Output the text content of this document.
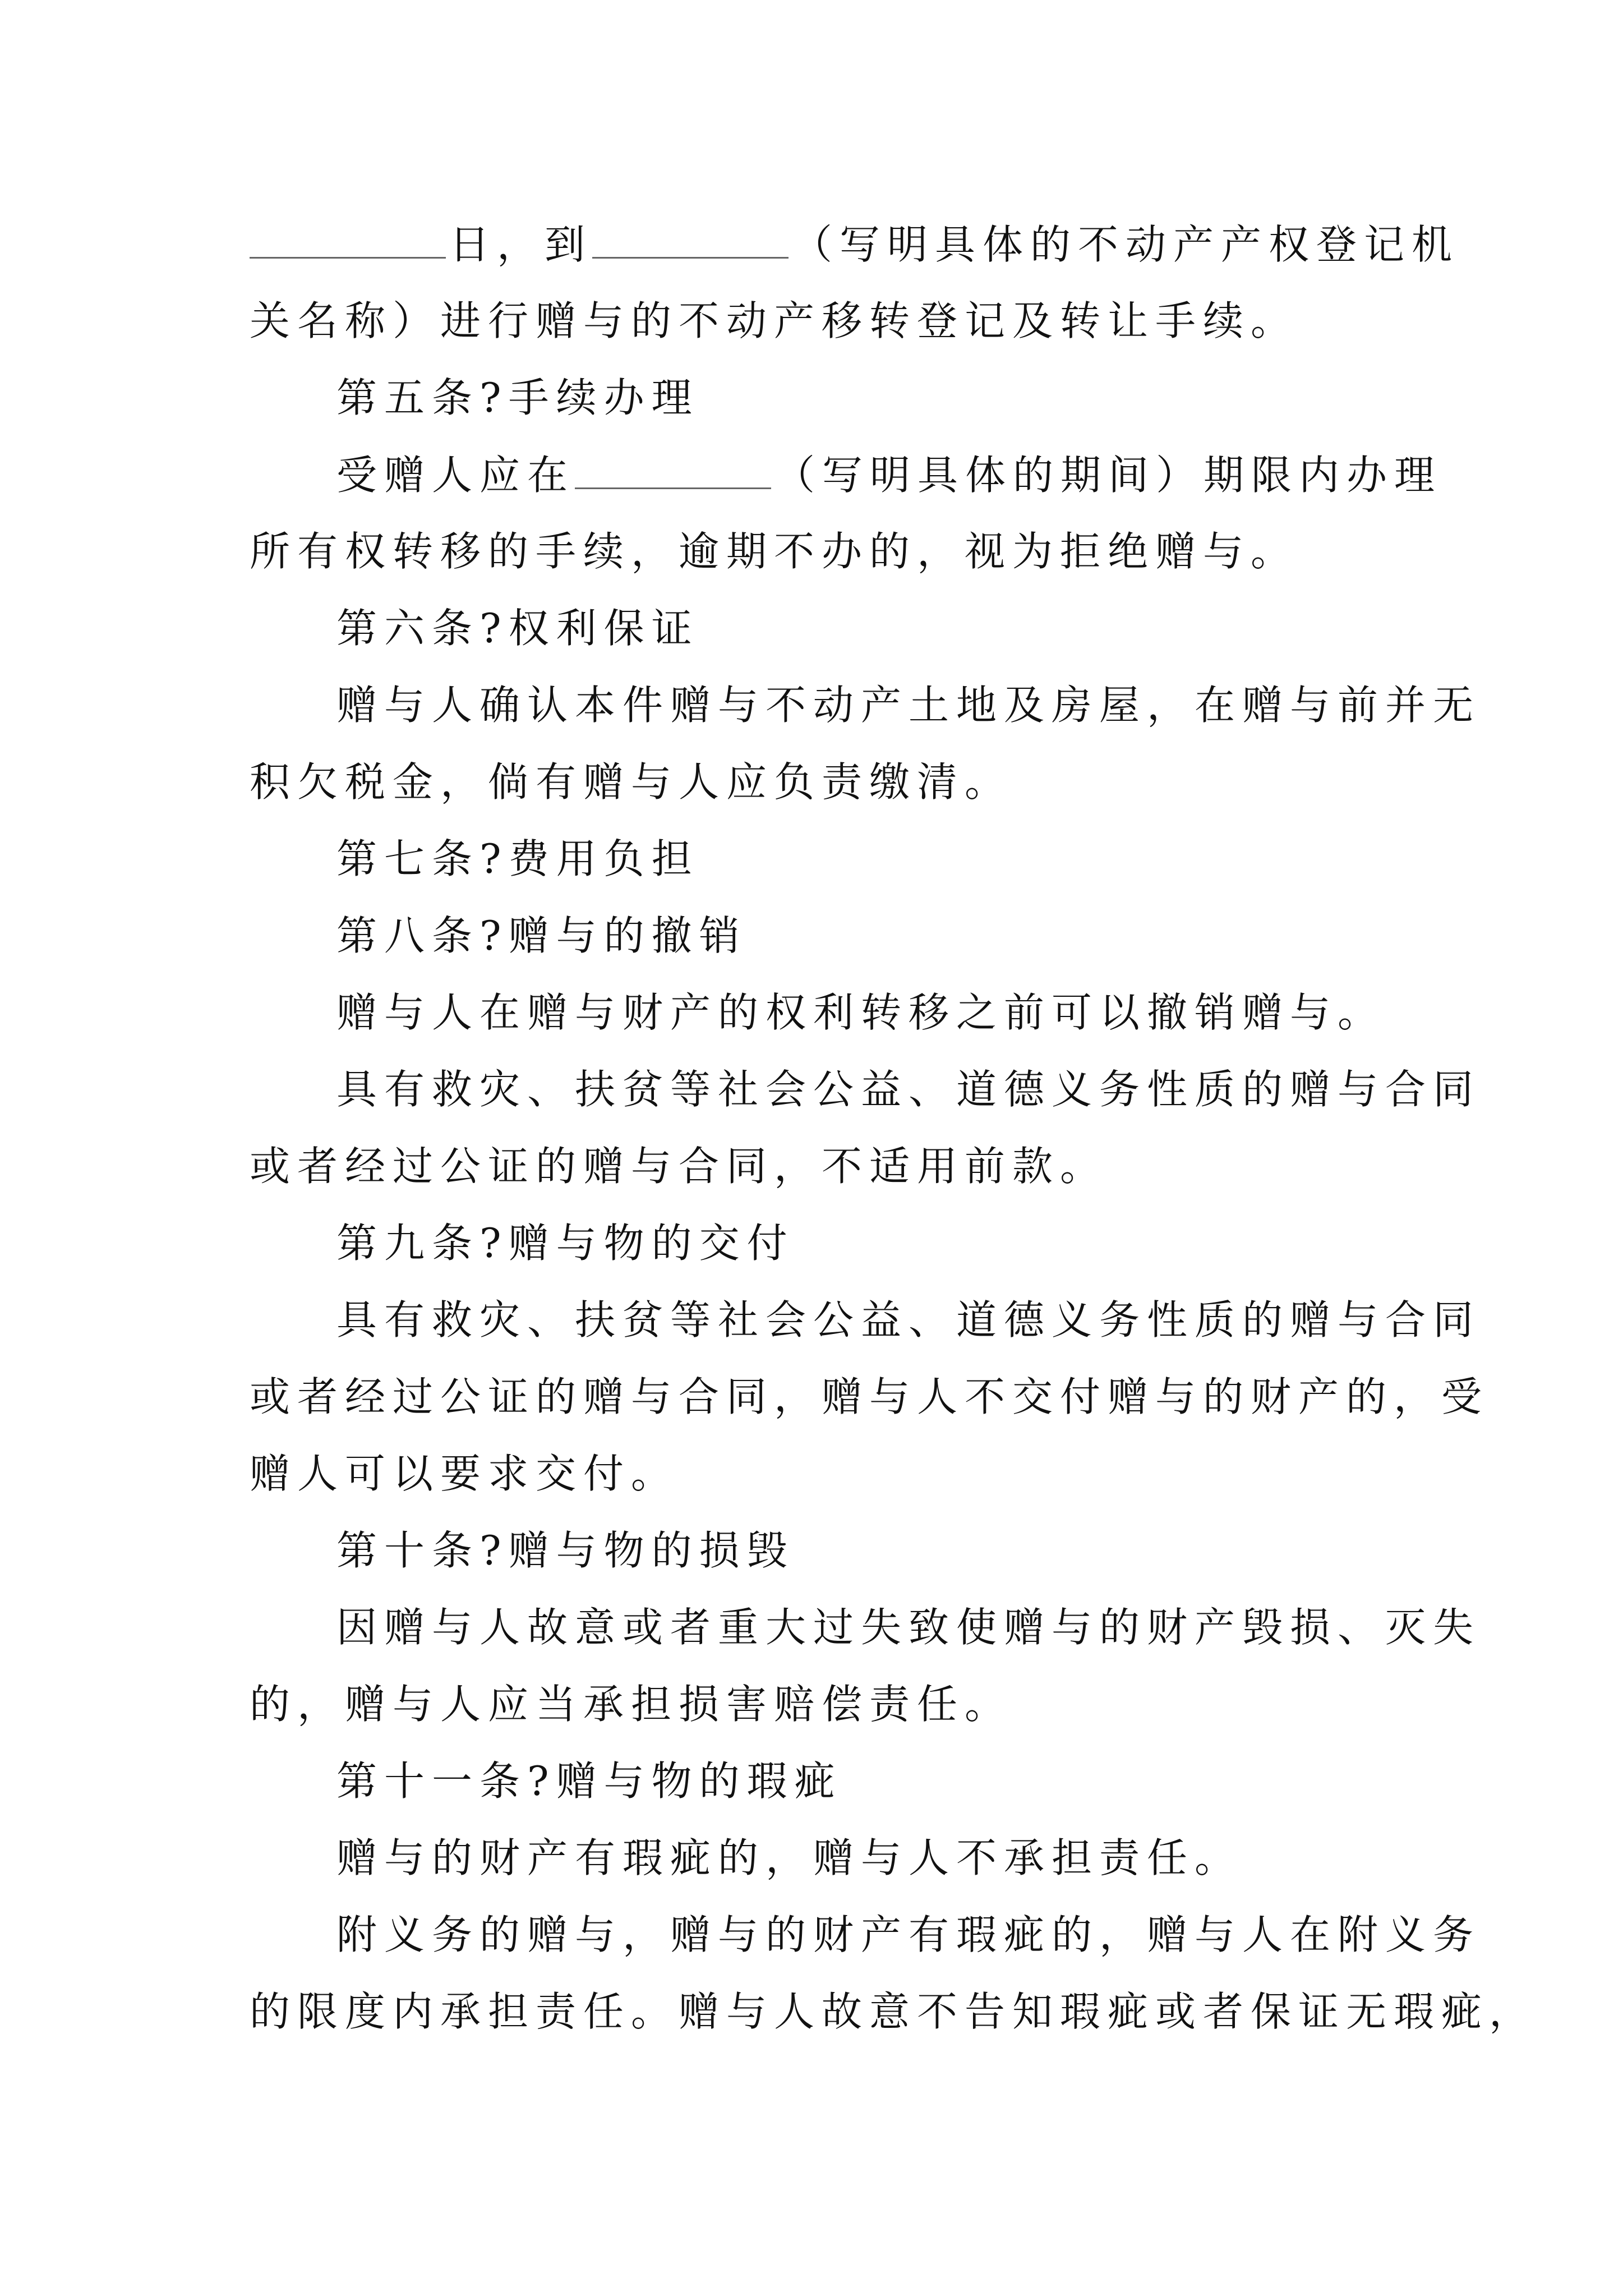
日，到	（写明具体的不动产产权登记机
关名称）进行赠与的不动产移转登记及转让手续。
第五条?手续办理
受赠人应在	（写明具体的期间）期限内办理
所有权转移的手续，逾期不办的，视为拒绝赠与。
第六条?权利保证
赠与人确认本件赠与不动产土地及房屋，在赠与前并无
积欠税金，倘有赠与人应负责缴清。
第七条?费用负担
第八条?赠与的撤销
赠与人在赠与财产的权利转移之前可以撤销赠与。
具有救灾、扶贫等社会公益、道德义务性质的赠与合同
或者经过公证的赠与合同，不适用前款。
第九条?赠与物的交付
具有救灾、扶贫等社会公益、道德义务性质的赠与合同
或者经过公证的赠与合同，赠与人不交付赠与的财产的，受
赠人可以要求交付。
第十条?赠与物的损毁
因赠与人故意或者重大过失致使赠与的财产毁损、灭失
的，赠与人应当承担损害赔偿责任。
第十一条?赠与物的瑕疵
赠与的财产有瑕疵的，赠与人不承担责任。
附义务的赠与，赠与的财产有瑕疵的，赠与人在附义务
的限度内承担责任。赠与人故意不告知瑕疵或者保证无瑕疵，
